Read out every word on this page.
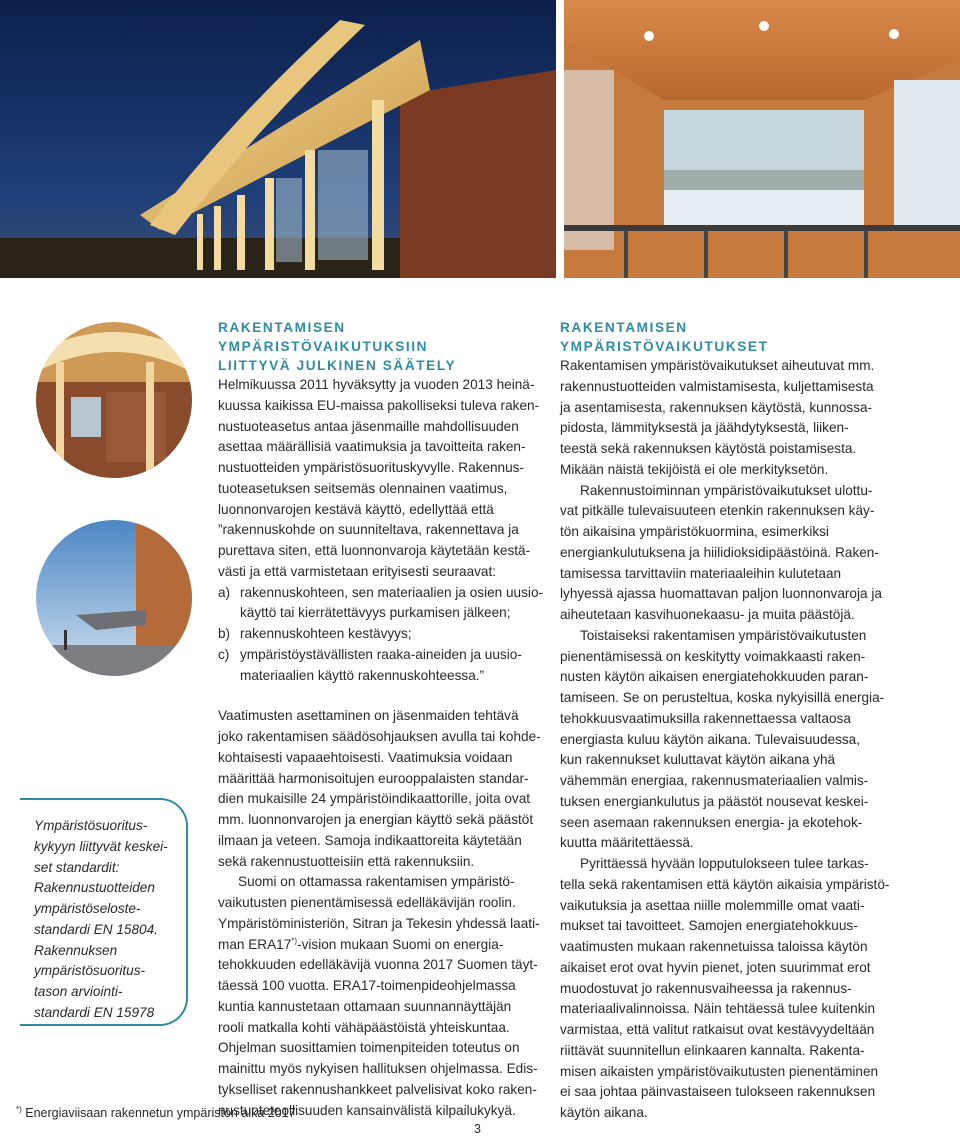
RAKENTAMISEN YMPÄRISTÖVAIKUTUKSIIN

LIITTYVÄ JULKINEN SÄÄTELY

Helmikuussa 2011 hyväksytty ja vuoden 2013 heinä-

kuussa kaikissa EU-maissa pakolliseksi tuleva raken-

nustuoteasetus antaa jäsenmaille mahdollisuuden

asettaa määrällisiä vaatimuksia ja tavoitteita raken-

nustuotteiden ympäristösuorituskyvylle. Rakennus-

tuoteasetuksen seitsemäs olennainen vaatimus,

luonnonvarojen kestävä käyttö, edellyttää että

”rakennuskohde on suunniteltava, rakennettava ja

purettava siten, että luonnonvaroja käytetään kestä-

västi ja että varmistetaan erityisesti seuraavat:

a) rakennuskohteen, sen materiaalien ja osien uusio-

käyttö tai kierrätettävyys purkamisen jälkeen;

b) rakennuskohteen kestävyys;

c) ympäristöystävällisten raaka-aineiden ja uusio-

materiaalien käyttö rakennuskohteessa.”

Vaatimusten asettaminen on jäsenmaiden tehtävä

joko rakentamisen säädösohjauksen avulla tai kohde-

kohtaisesti vapaaehtoisesti. Vaatimuksia voidaan

määrittää harmonisoitujen eurooppalaisten standar-

dien mukaisille 24 ympäristöindikaattorille, joita ovat

mm. luonnonvarojen ja energian käyttö sekä päästöt

ilmaan ja veteen. Samoja indikaattoreita käytetään

sekä rakennustuotteisiin että rakennuksiin.

Suomi on ottamassa rakentamisen ympäristö-

vaikutusten pienentämisessä edelläkävijän roolin.

Ympäristöministeriön, Sitran ja Tekesin yhdessä laati-

man ERA17*)-vision mukaan Suomi on energia-

tehokkuuden edelläkävijä vuonna 2017 Suomen täyt-

täessä 100 vuotta. ERA17-toimenpideohjelmassa

kuntia kannustetaan ottamaan suunnannäyttäjän

rooli matkalla kohti vähäpäästöistä yhteiskuntaa.

Ohjelman suosittamien toimenpiteiden toteutus on

mainittu myös nykyisen hallituksen ohjelmassa. Edis-

tykselliset rakennushankkeet palvelisivat koko raken-

nustuoteteollisuuden kansainvälistä kilpailukykyä.

RAKENTAMISEN YMPÄRISTÖVAIKUTUKSET

Rakentamisen ympäristövaikutukset aiheutuvat mm.

rakennustuotteiden valmistamisesta, kuljettamisesta

ja asentamisesta, rakennuksen käytöstä, kunnossa-

pidosta, lämmityksestä ja jäähdytyksestä, liiken-

teestä sekä rakennuksen käytöstä poistamisesta.

Mikään näistä tekijöistä ei ole merkityksetön.

Rakennustoiminnan ympäristövaikutukset ulottu-

vat pitkälle tulevaisuuteen etenkin rakennuksen käy-

tön aikaisina ympäristökuormina, esimerkiksi

energiankulutuksena ja hiilidioksidipäästöinä. Raken-

tamisessa tarvittaviin materiaaleihin kulutetaan

lyhyessä ajassa huomattavan paljon luonnonvaroja ja

aiheutetaan kasvihuonekaasu- ja muita päästöjä.

Toistaiseksi rakentamisen ympäristövaikutusten

pienentämisessä on keskitytty voimakkaasti raken-

nusten käytön aikaisen energiatehokkuuden paran-

tamiseen. Se on perusteltua, koska nykyisillä energia-

tehokkuusvaatimuksilla rakennettaessa valtaosa

energiasta kuluu käytön aikana. Tulevaisuudessa,

kun rakennukset kuluttavat käytön aikana yhä

vähemmän energiaa, rakennusmateriaalien valmis-

tuksen energiankulutus ja päästöt nousevat keskei-

seen asemaan rakennuksen energia- ja ekotehok-

kuutta määritettäessä.

Pyrittäessä hyvään lopputulokseen tulee tarkas-

tella sekä rakentamisen että käytön aikaisia ympäristö-

vaikutuksia ja asettaa niille molemmille omat vaati-

mukset tai tavoitteet. Samojen energiatehokkuus-

vaatimusten mukaan rakennetuissa taloissa käytön

aikaiset erot ovat hyvin pienet, joten suurimmat erot

muodostuvat jo rakennusvaiheessa ja rakennus-

materiaalivalinnoissa. Näin tehtäessä tulee kuitenkin

varmistaa, että valitut ratkaisut ovat kestävyydeltään

riittävät suunnitellun elinkaaren kannalta. Rakenta-

misen aikaisten ympäristövaikutusten pienentäminen

ei saa johtaa päinvastaiseen tulokseen rakennuksen

käytön aikana.

Ympäristösuoritus-

kykyyn liittyvät keskei-

set standardit:

Rakennustuotteiden

ympäristöseloste-

standardi EN 15804.

Rakennuksen

ympäristösuoritus-

tason arviointi-

standardi EN 15978

*) Energiaviisaan rakennetun ympäristön aika 2017
3
